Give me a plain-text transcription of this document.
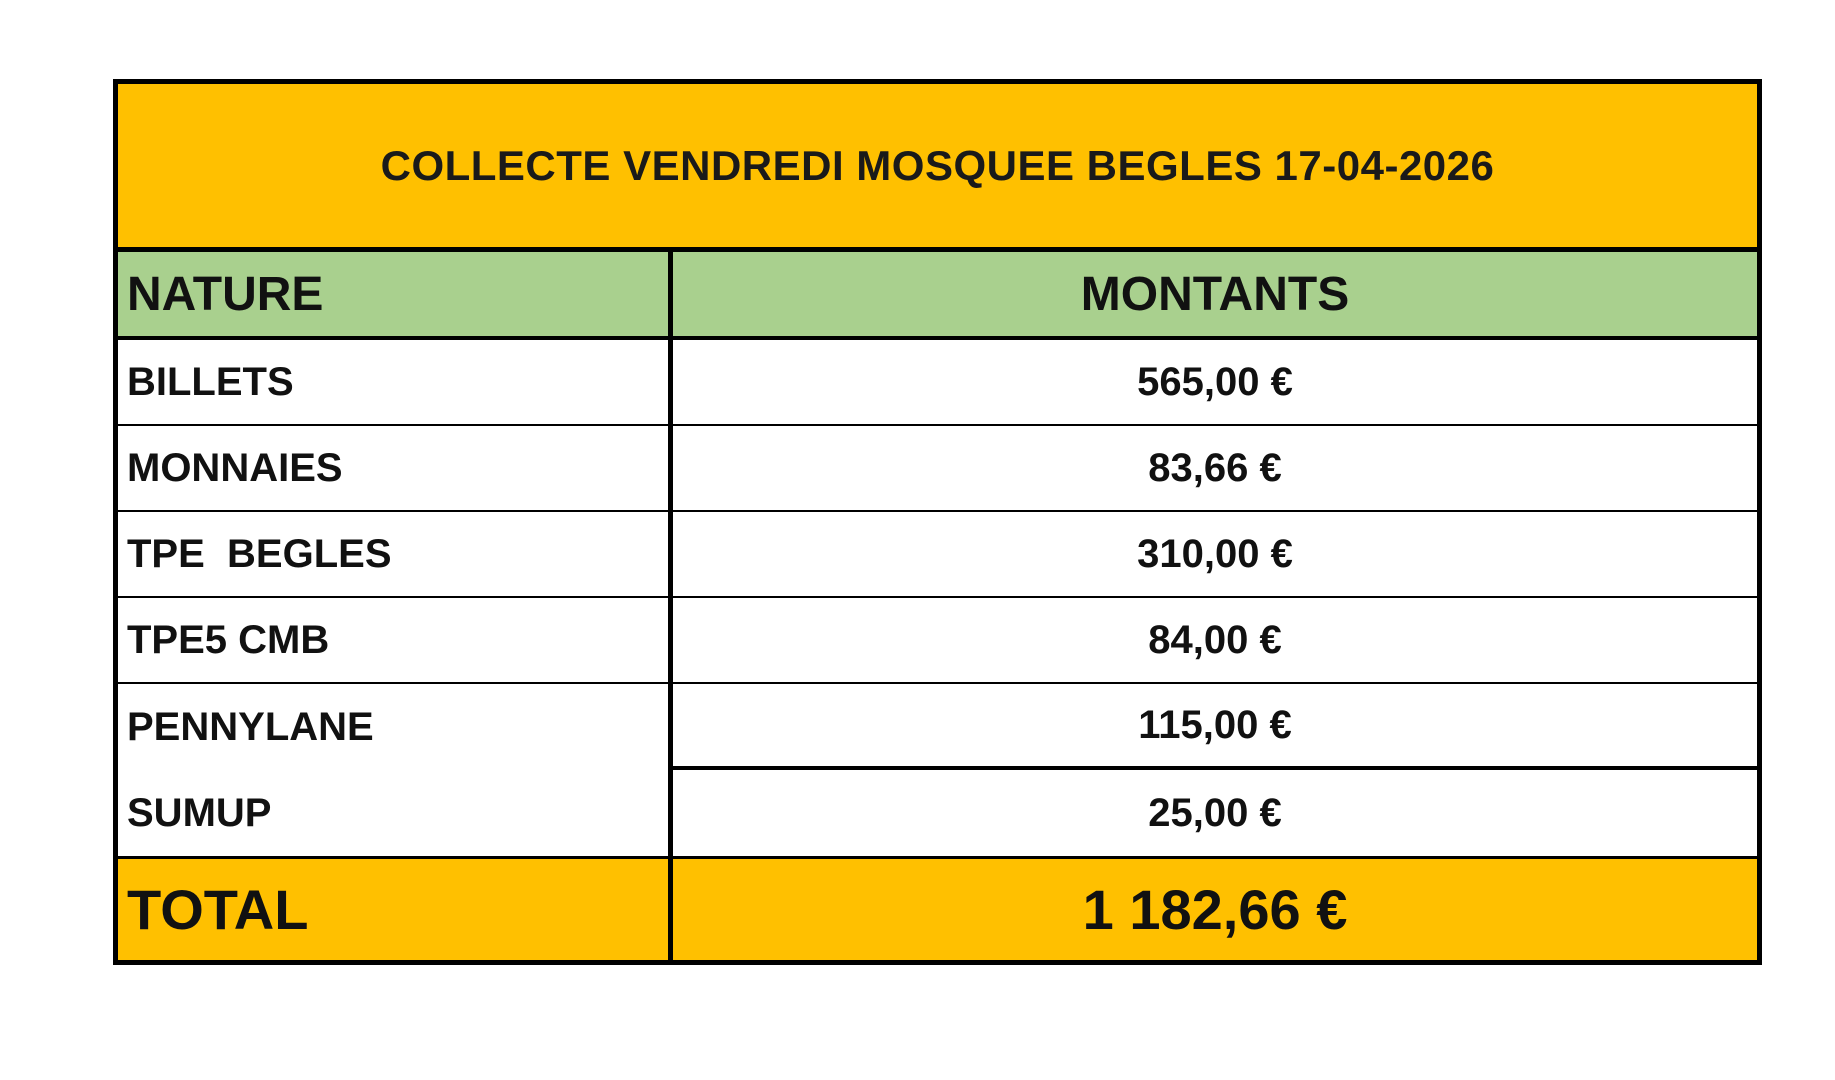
COLLECTE VENDREDI MOSQUEE BEGLES 17-04-2026
NATURE	MONTANTS
BILLETS	565,00 €
MONNAIES	83,66 €
TPE  BEGLES	310,00 €
TPE5 CMB	84,00 €
PENNYLANE	115,00 €
SUMUP	25,00 €
TOTAL	1 182,66 €
